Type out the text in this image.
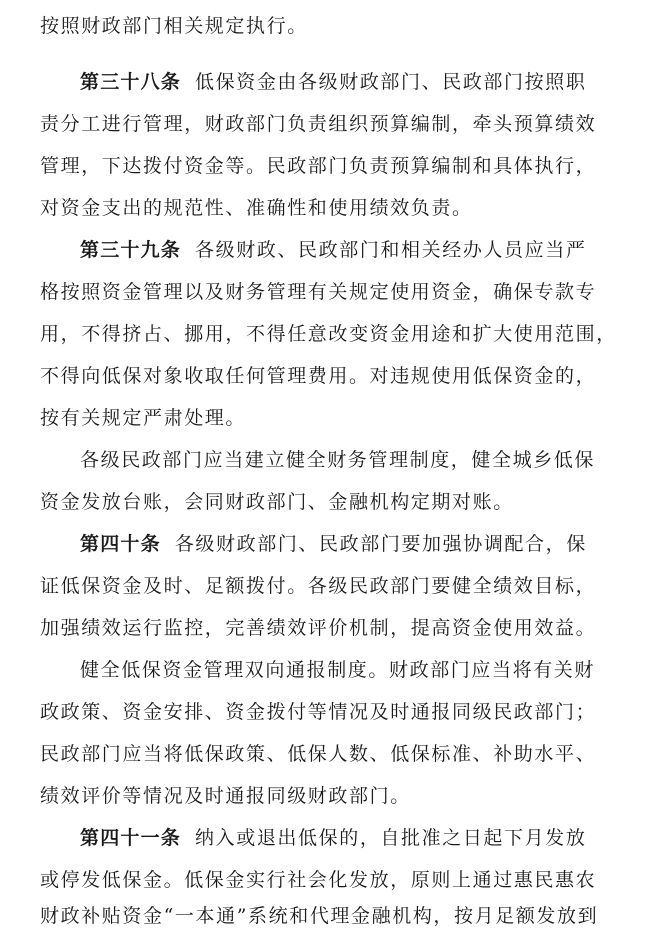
按照财政部门相关规定执行。
第三十八条 低保资金由各级财政部门、民政部门按照职
责分工进行管理，财政部门负责组织预算编制，牵头预算绩效
管理，下达拨付资金等。民政部门负责预算编制和具体执行，
对资金支出的规范性、准确性和使用绩效负责。
第三十九条 各级财政、民政部门和相关经办人员应当严
格按照资金管理以及财务管理有关规定使用资金，确保专款专
用，不得挤占、挪用，不得任意改变资金用途和扩大使用范围，
不得向低保对象收取任何管理费用。对违规使用低保资金的，
按有关规定严肃处理。
各级民政部门应当建立健全财务管理制度，健全城乡低保
资金发放台账，会同财政部门、金融机构定期对账。
第四十条 各级财政部门、民政部门要加强协调配合，保
证低保资金及时、足额拨付。各级民政部门要健全绩效目标，
加强绩效运行监控，完善绩效评价机制，提高资金使用效益。
健全低保资金管理双向通报制度。财政部门应当将有关财
政政策、资金安排、资金拨付等情况及时通报同级民政部门；
民政部门应当将低保政策、低保人数、低保标准、补助水平、
绩效评价等情况及时通报同级财政部门。
第四十一条 纳入或退出低保的，自批准之日起下月发放
或停发低保金。低保金实行社会化发放，原则上通过惠民惠农
财政补贴资金“一本通”系统和代理金融机构，按月足额发放到
